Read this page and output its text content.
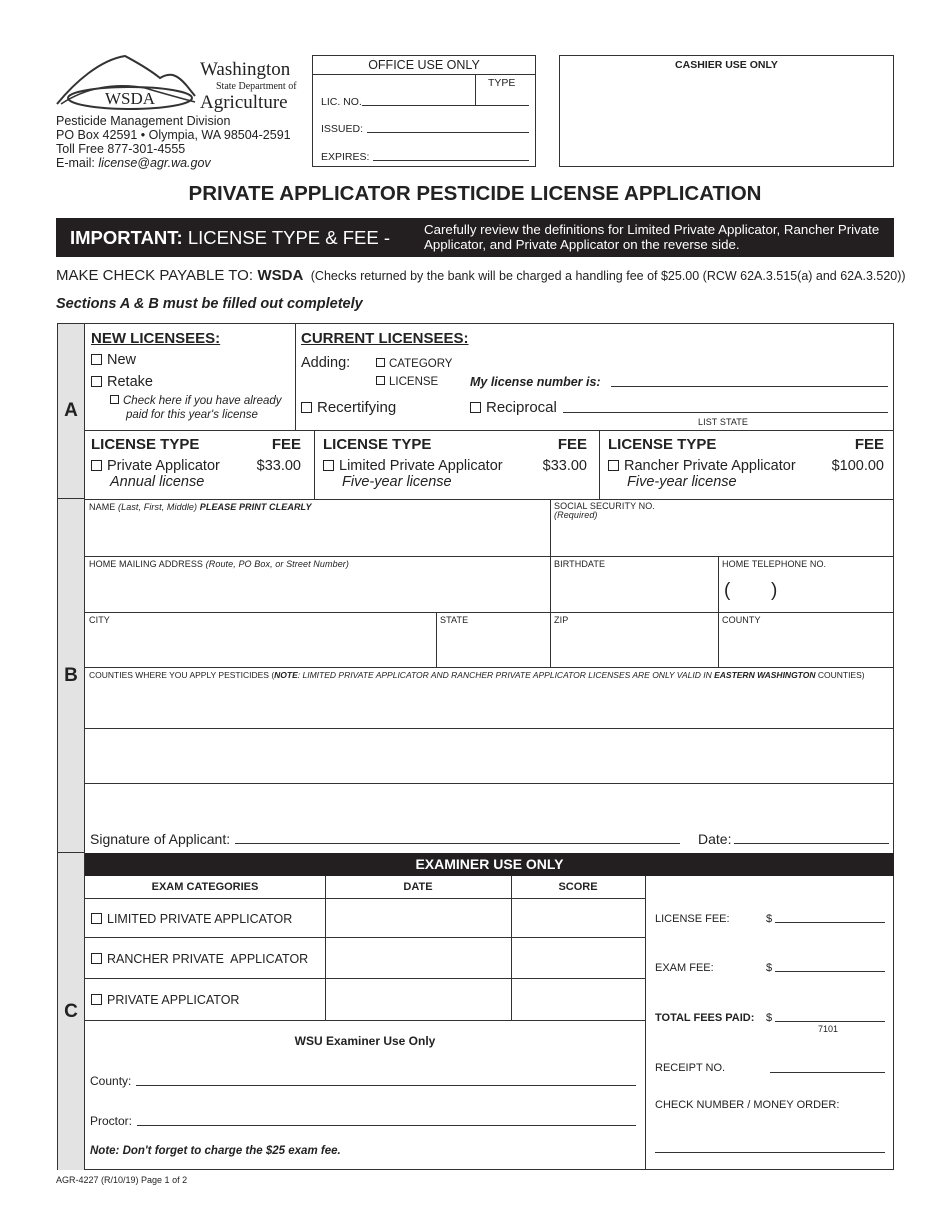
WSDA
Washington
State Department of
Agriculture
Pesticide Management Division
PO Box 42591 • Olympia, WA 98504-2591
Toll Free 877-301-4555
E-mail: license@agr.wa.gov
OFFICE USE ONLY
TYPE
LIC. NO.
ISSUED:
EXPIRES:
CASHIER USE ONLY
PRIVATE APPLICATOR PESTICIDE LICENSE APPLICATION
IMPORTANT: LICENSE TYPE & FEE -	Carefully review the definitions for Limited Private Applicator, Rancher Private Applicator, and Private Applicator on the reverse side.
MAKE CHECK PAYABLE TO: WSDA (Checks returned by the bank will be charged a handling fee of $25.00 (RCW 62A.3.515(a) and 62A.3.520))
Sections A & B must be filled out completely
A
B
C
NEW LICENSEES:
New
Retake
Check here if you have already
paid for this year's license
CURRENT LICENSEES:
Adding:	CATEGORY
LICENSE	My license number is:
Recertifying	Reciprocal
LIST STATE
LICENSE TYPE	FEE
Private Applicator	$33.00
Annual license
LICENSE TYPE	FEE
Limited Private Applicator	$33.00
Five-year license
LICENSE TYPE	FEE
Rancher Private Applicator $100.00
Five-year license
NAME (Last, First, Middle) PLEASE PRINT CLEARLY	SOCIAL SECURITY NO.
(Required)
HOME MAILING ADDRESS (Route, PO Box, or Street Number)	BIRTHDATE	HOME TELEPHONE NO.
( )
CITY	STATE	ZIP	COUNTY
COUNTIES WHERE YOU APPLY PESTICIDES (NOTE: LIMITED PRIVATE APPLICATOR AND RANCHER PRIVATE APPLICATOR LICENSES ARE ONLY VALID IN EASTERN WASHINGTON COUNTIES)
Signature of Applicant:	Date:
EXAMINER USE ONLY
EXAM CATEGORIES	DATE	SCORE
LIMITED PRIVATE APPLICATOR
RANCHER PRIVATE  APPLICATOR
PRIVATE APPLICATOR
WSU Examiner Use Only
County:
Proctor:
Note: Don't forget to charge the $25 exam fee.
LICENSE FEE:	$
EXAM FEE:	$
TOTAL FEES PAID: $
7101
RECEIPT NO.
CHECK NUMBER / MONEY ORDER:
AGR-4227 (R/10/19) Page 1 of 2
